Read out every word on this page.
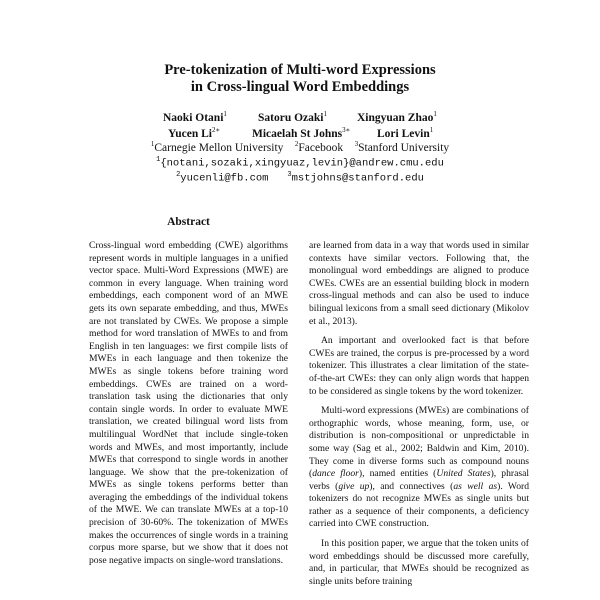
Pre-tokenization of Multi-word Expressions
in Cross-lingual Word Embeddings
Naoki Otani$^1$	Satoru Ozaki$^1$	Xingyuan Zhao$^1$
Yucen $Li^{2∗}$	Micaelah St Johns$^{3∗}$ Lori Levin$^1$
$^1$Carnegie Mellon University $^2$Facebook $^3$Stanford University
$^1${notani,sozaki,xingyuaz,levin}@andrew.cmu.edu
$^2$yucenli@fb.com	$^3$mstjohns@stanford.edu
Abstract

Cross-lingual word embedding (CWE) algorithms represent words in multiple languages in a unified vector space. Multi-Word Expressions (MWE) are common in every language. When training word embeddings, each component word of an MWE gets its own separate embedding, and thus, MWEs are not translated by CWEs. We propose a simple method for word translation of MWEs to and from English in ten languages: we first compile lists of MWEs in each language and then tokenize the MWEs as single tokens before training word embeddings. CWEs are trained on a word-translation task using the dictionaries that only contain single words. In order to evaluate MWE translation, we created bilingual word lists from multilingual WordNet that include single-token words and MWEs, and most importantly, include MWEs that correspond to single words in another language. We show that the pre-tokenization of MWEs as single tokens performs better than averaging the embeddings of the individual tokens of the MWE. We can translate MWEs at a top-10 precision of 30-60%. The tokenization of MWEs makes the occurrences of single words in a training corpus more sparse, but we show that it does not pose negative impacts on single-word translations.

are learned from data in a way that words used in similar contexts have similar vectors. Following that, the monolingual word embeddings are aligned to produce CWEs. CWEs are an essential building block in modern cross-lingual methods and can also be used to induce bilingual lexicons from a small seed dictionary (Mikolov et al., 2013).

An important and overlooked fact is that before CWEs are trained, the corpus is pre-processed by a word tokenizer. This illustrates a clear limitation of the state-of-the-art CWEs: they can only align words that happen to be considered as single tokens by the word tokenizer.

Multi-word expressions (MWEs) are combinations of orthographic words, whose meaning, form, use, or distribution is non-compositional or unpredictable in some way (Sag et al., 2002; Baldwin and Kim, 2010). They come in diverse forms such as compound nouns (dance floor), named entities (United States), phrasal verbs (give up), and connectives (as well as). Word tokenizers do not recognize MWEs as single units but rather as a sequence of their components, a deficiency carried into CWE construction.

In this position paper, we argue that the token units of word embeddings should be discussed more carefully, and, in particular, that MWEs should be recognized as single units before training
